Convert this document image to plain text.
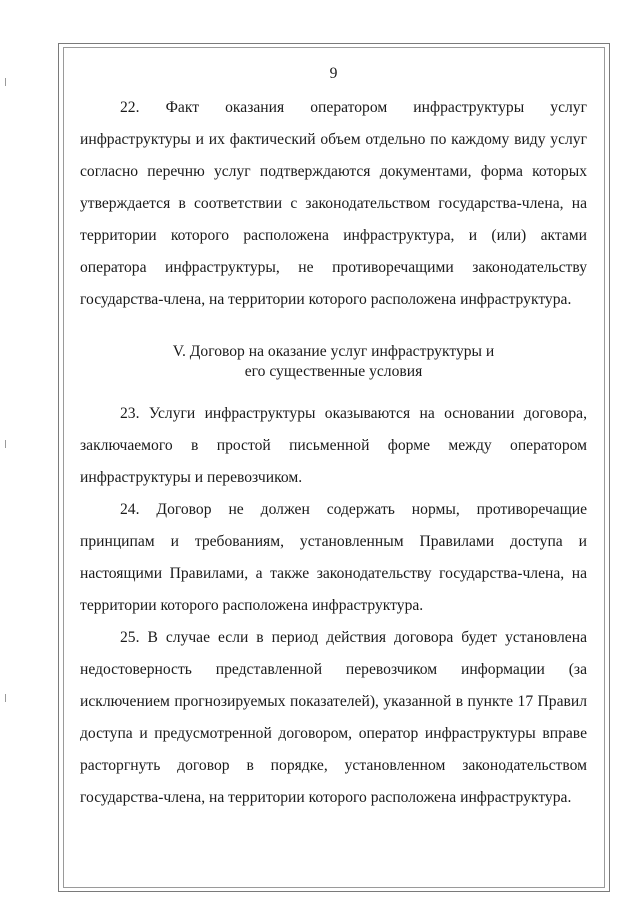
9

22. Факт оказания оператором инфраструктуры услуг инфраструктуры и их фактический объем отдельно по каждому виду услуг согласно перечню услуг подтверждаются документами, форма которых утверждается в соответствии с законодательством государства-члена, на территории которого расположена инфраструктура, и (или) актами оператора инфраструктуры, не противоречащими законодательству государства-члена, на территории которого расположена инфраструктура.

V. Договор на оказание услуг инфраструктуры и
его существенные условия

23. Услуги инфраструктуры оказываются на основании договора, заключаемого в простой письменной форме между оператором инфраструктуры и перевозчиком.

24. Договор не должен содержать нормы, противоречащие принципам и требованиям, установленным Правилами доступа и настоящими Правилами, а также законодательству государства-члена, на территории которого расположена инфраструктура.

25. В случае если в период действия договора будет установлена недостоверность представленной перевозчиком информации (за исключением прогнозируемых показателей), указанной в пункте 17 Правил доступа и предусмотренной договором, оператор инфраструктуры вправе расторгнуть договор в порядке, установленном законодательством государства-члена, на территории которого расположена инфраструктура.
